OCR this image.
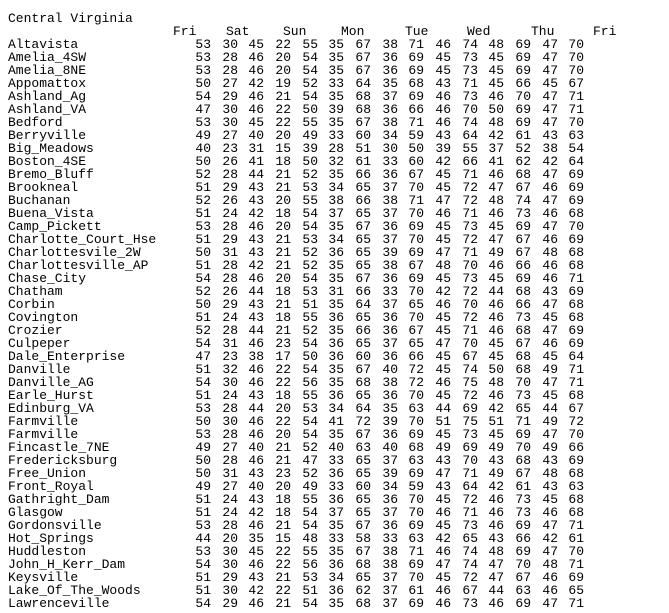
Central Virginia
Fri Sat	Sun	Mon	Tue	Wed	Thu	Fri
Altavista	53 30 45 22 55 35 67 38 71 46 74 48 69 47 70
Amelia_4SW	53 28 46 20 54 35 67 36 69 45 73 45 69 47 70
Amelia_8NE	53 28 46 20 54 35 67 36 69 45 73 45 69 47 70
Appomattox	50 27 42 19 52 33 64 35 68 43 71 45 66 45 67
Ashland_Ag	54 29 46 21 54 35 68 37 69 46 73 46 70 47 71
Ashland_VA	47 30 46 22 50 39 68 36 66 46 70 50 69 47 71
Bedford	53 30 45 22 55 35 67 38 71 46 74 48 69 47 70
Berryville	49 27 40 20 49 33 60 34 59 43 64 42 61 43 63
Big_Meadows	40 23 31 15 39 28 51 30 50 39 55 37 52 38 54
Boston_4SE	50 26 41 18 50 32 61 33 60 42 66 41 62 42 64
Bremo_Bluff	52 28 44 21 52 35 66 36 67 45 71 46 68 47 69
Brookneal	51 29 43 21 53 34 65 37 70 45 72 47 67 46 69
Buchanan	52 26 43 20 55 38 66 38 71 47 72 48 74 47 69
Buena_Vista	51 24 42 18 54 37 65 37 70 46 71 46 73 46 68
Camp_Pickett	53 28 46 20 54 35 67 36 69 45 73 45 69 47 70
Charlotte_Court_Hse	51 29 43 21 53 34 65 37 70 45 72 47 67 46 69
Charlottesvile_2W	50 31 43 21 52 36 65 39 69 47 71 49 67 48 68
Charlottesville_AP	51 28 42 21 52 35 65 38 67 48 70 46 66 46 68
Chase_City	54 28 46 20 54 35 67 36 69 45 73 45 69 46 71
Chatham	52 26 44 18 53 31 66 33 70 42 72 44 68 43 69
Corbin	50 29 43 21 51 35 64 37 65 46 70 46 66 47 68
Covington	51 24 43 18 55 36 65 36 70 45 72 46 73 45 68
Crozier	52 28 44 21 52 35 66 36 67 45 71 46 68 47 69
Culpeper	54 31 46 23 54 36 65 37 65 47 70 45 67 46 69
Dale_Enterprise	47 23 38 17 50 36 60 36 66 45 67 45 68 45 64
Danville	51 32 46 22 54 35 67 40 72 45 74 50 68 49 71
Danville_AG	54 30 46 22 56 35 68 38 72 46 75 48 70 47 71
Earle_Hurst	51 24 43 18 55 36 65 36 70 45 72 46 73 45 68
Edinburg_VA	53 28 44 20 53 34 64 35 63 44 69 42 65 44 67
Farmville	50 30 46 22 54 41 72 39 70 51 75 51 71 49 72
Farmville	53 28 46 20 54 35 67 36 69 45 73 45 69 47 70
Fincastle_7NE	49 27 40 21 52 40 63 40 68 49 69 49 70 49 66
Fredericksburg	50 28 46 21 47 33 65 37 63 43 70 43 68 43 69
Free_Union	50 31 43 23 52 36 65 39 69 47 71 49 67 48 68
Front_Royal	49 27 40 20 49 33 60 34 59 43 64 42 61 43 63
Gathright_Dam	51 24 43 18 55 36 65 36 70 45 72 46 73 45 68
Glasgow	51 24 42 18 54 37 65 37 70 46 71 46 73 46 68
Gordonsville	53 28 46 21 54 35 67 36 69 45 73 46 69 47 71
Hot_Springs	44 20 35 15 48 33 58 33 63 42 65 43 66 42 61
Huddleston	53 30 45 22 55 35 67 38 71 46 74 48 69 47 70
John_H_Kerr_Dam	54 30 46 22 56 36 68 38 69 47 74 47 70 48 71
Keysville	51 29 43 21 53 34 65 37 70 45 72 47 67 46 69
Lake_Of_The_Woods	51 30 42 22 51 36 62 37 61 46 67 44 63 46 65
Lawrenceville	54 29 46 21 54 35 68 37 69 46 73 46 69 47 71
